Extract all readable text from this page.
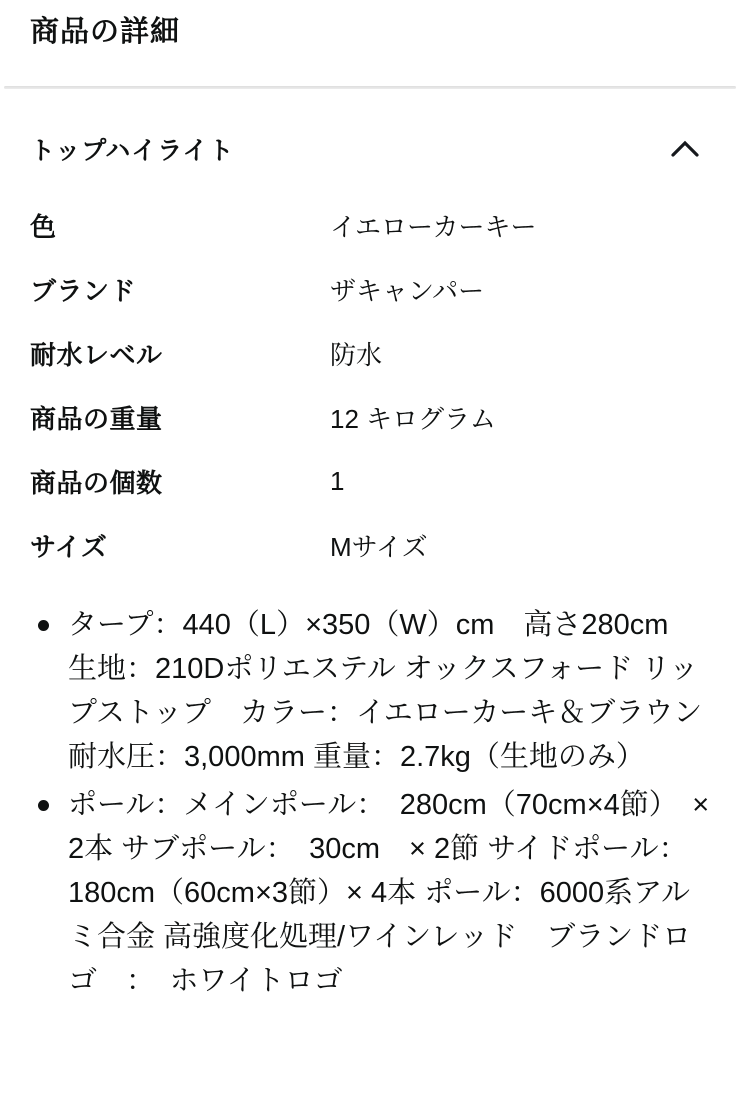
商品の詳細
トップハイライト
色	イエローカーキー
ブランド	ザキャンパー
耐水レベル	防水
商品の重量	12 キログラム
商品の個数	1
サイズ	Mサイズ
タープ：440（L）×350（W）cm　高さ280cm　生地：210Dポリエステル オックスフォード リップストップ　カラー：イエローカーキ＆ブラウン　耐水圧：3,000mm 重量：2.7kg（生地のみ）
ポール：メインポール：　280cm（70cm×4節）　× 2本 サブポール：　30cm　× 2節 サイドポール：　180cm（60cm×3節）× 4本 ポール：6000系アルミ合金 高強度化処理/ワインレッド　ブランドロゴ　：　ホワイトロゴ
